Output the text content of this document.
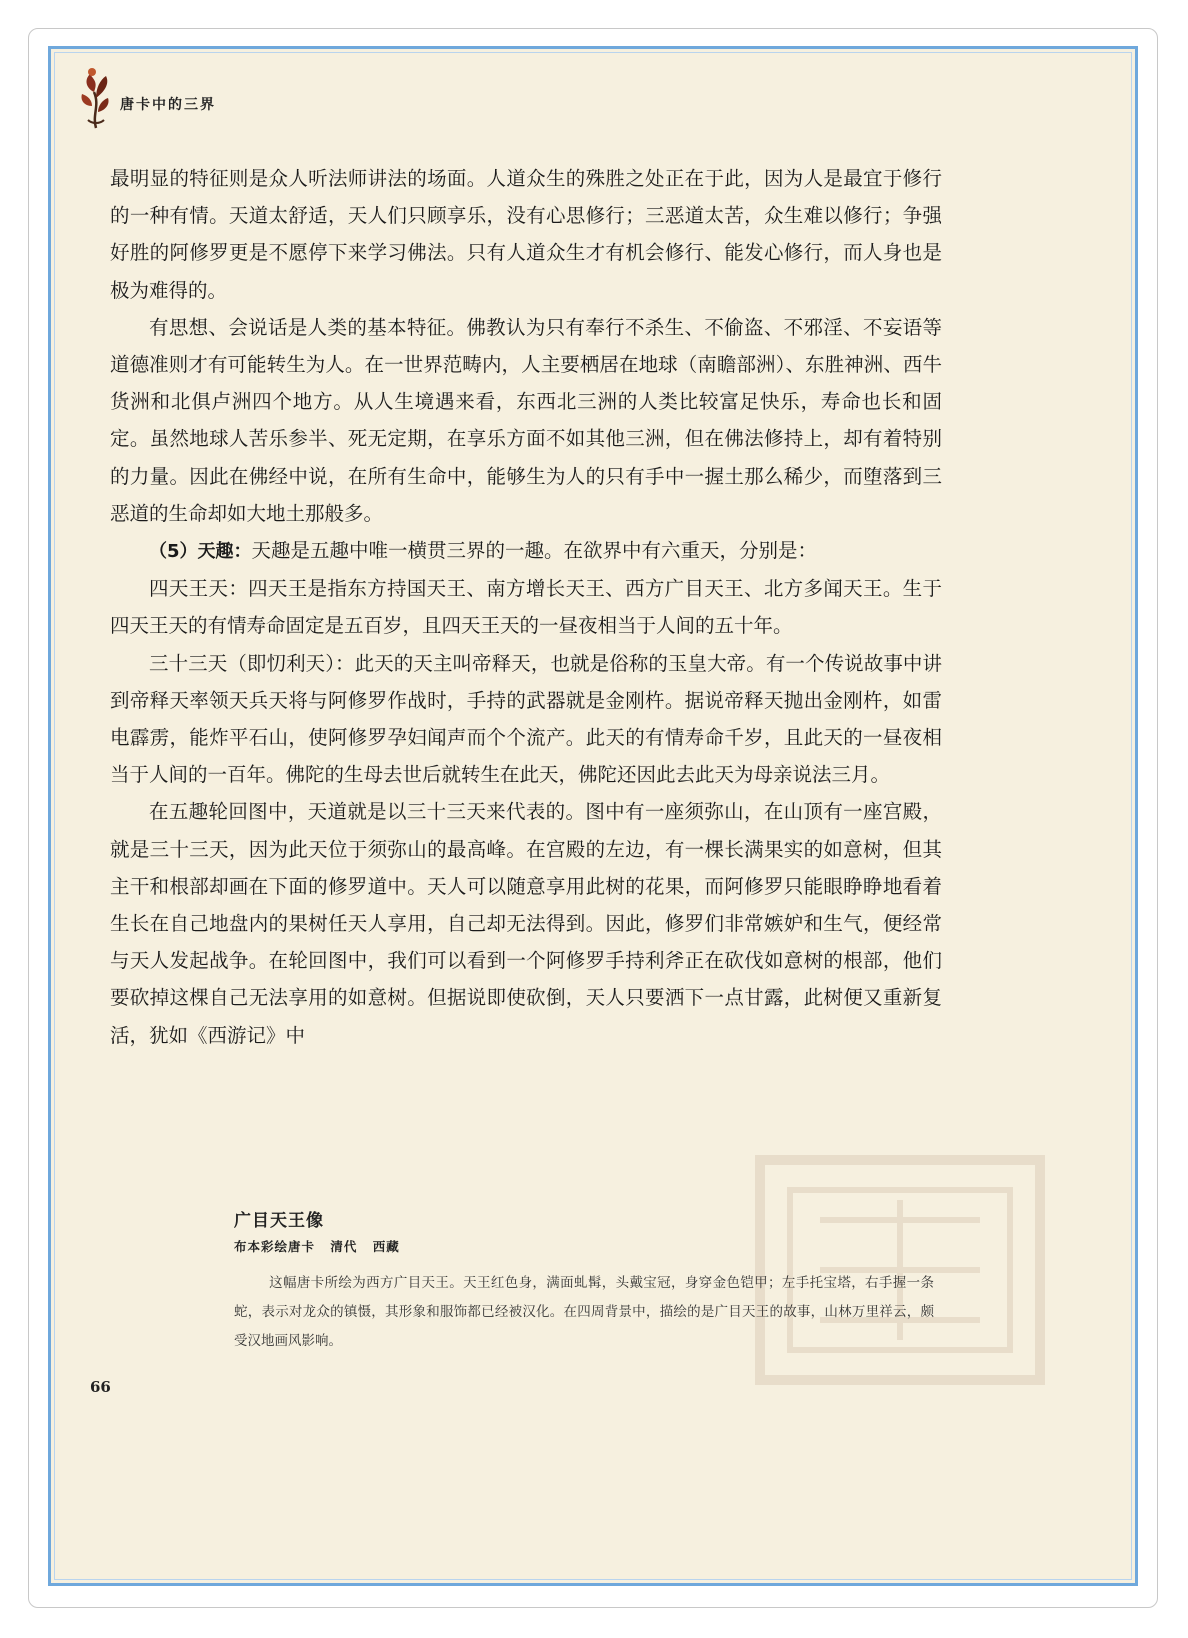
唐卡中的三界

最明显的特征则是众人听法师讲法的场面。人道众生的殊胜之处正在于此，因为人是最宜于修行的一种有情。天道太舒适，天人们只顾享乐，没有心思修行；三恶道太苦，众生难以修行；争强好胜的阿修罗更是不愿停下来学习佛法。只有人道众生才有机会修行、能发心修行，而人身也是极为难得的。

有思想、会说话是人类的基本特征。佛教认为只有奉行不杀生、不偷盗、不邪淫、不妄语等道德准则才有可能转生为人。在一世界范畴内，人主要栖居在地球（南瞻部洲）、东胜神洲、西牛货洲和北俱卢洲四个地方。从人生境遇来看，东西北三洲的人类比较富足快乐，寿命也长和固定。虽然地球人苦乐参半、死无定期，在享乐方面不如其他三洲，但在佛法修持上，却有着特别的力量。因此在佛经中说，在所有生命中，能够生为人的只有手中一握土那么稀少，而堕落到三恶道的生命却如大地土那般多。

（5）天趣：天趣是五趣中唯一横贯三界的一趣。在欲界中有六重天，分别是：

四天王天：四天王是指东方持国天王、南方增长天王、西方广目天王、北方多闻天王。生于四天王天的有情寿命固定是五百岁，且四天王天的一昼夜相当于人间的五十年。

三十三天（即忉利天）：此天的天主叫帝释天，也就是俗称的玉皇大帝。有一个传说故事中讲到帝释天率领天兵天将与阿修罗作战时，手持的武器就是金刚杵。据说帝释天抛出金刚杵，如雷电霹雳，能炸平石山，使阿修罗孕妇闻声而个个流产。此天的有情寿命千岁，且此天的一昼夜相当于人间的一百年。佛陀的生母去世后就转生在此天，佛陀还因此去此天为母亲说法三月。

在五趣轮回图中，天道就是以三十三天来代表的。图中有一座须弥山，在山顶有一座宫殿，就是三十三天，因为此天位于须弥山的最高峰。在宫殿的左边，有一棵长满果实的如意树，但其主干和根部却画在下面的修罗道中。天人可以随意享用此树的花果，而阿修罗只能眼睁睁地看着生长在自己地盘内的果树任天人享用，自己却无法得到。因此，修罗们非常嫉妒和生气，便经常与天人发起战争。在轮回图中，我们可以看到一个阿修罗手持利斧正在砍伐如意树的根部，他们要砍掉这棵自己无法享用的如意树。但据说即使砍倒，天人只要洒下一点甘露，此树便又重新复活，犹如《西游记》中

广目天王像
布本彩绘唐卡 清代 西藏
这幅唐卡所绘为西方广目天王。天王红色身，满面虬髯，头戴宝冠，身穿金色铠甲；左手托宝塔，右手握一条蛇，表示对龙众的镇慑，其形象和服饰都已经被汉化。在四周背景中，描绘的是广目天王的故事，山林万里祥云，颇受汉地画风影响。
66
